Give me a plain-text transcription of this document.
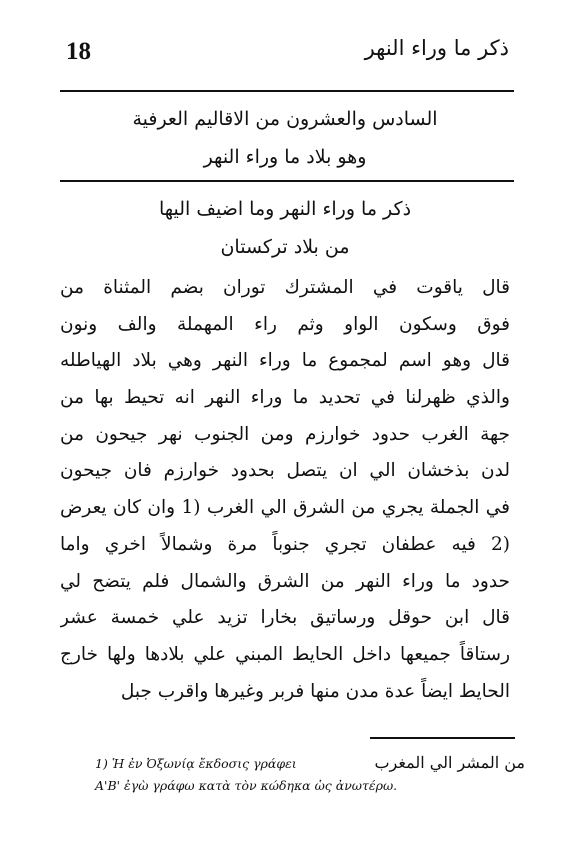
18	ذكر ما وراء النهر
السادس والعشرون من الاقاليم العرفية
وهو بلاد ما وراء النهر
ذكر ما وراء النهر وما اضيف اليها
من بلاد تركستان
قال ياقوت في المشترك توران بضم المثناة من
فوق وسكون الواو وثم راء المهملة والف ونون
قال وهو اسم لمجموع ما وراء النهر وهي بلاد الهياطله
والذي ظهرلنا في تحديد ما وراء النهر انه تحيط بها من
جهة الغرب حدود خوارزم ومن الجنوب نهر جيحون من
لدن بذخشان الي ان يتصل بحدود خوارزم فان جيحون
في الجملة يجري من الشرق الي الغرب (1 وان كان يعرض
(2 فيه عطفان تجري جنوباً مرة وشمالاً اخري واما
حدود ما وراء النهر من الشرق والشمال فلم يتضح لي
قال ابن حوقل ورساتيق بخارا تزيد علي خمسة عشر
رستاقاً جميعها داخل الحايط المبني علي بلادها ولها خارج
الحايط ايضاً عدة مدن منها فربر وغيرها واقرب جبل
1) Ἡ ἐν Ὀξωνίᾳ ἔκδοσις γράφει	من المشر الي المغرب
Α'Β' ἐγὼ γράφω κατὰ τὸν κώδηκα ὡς ἀνωτέρω.
